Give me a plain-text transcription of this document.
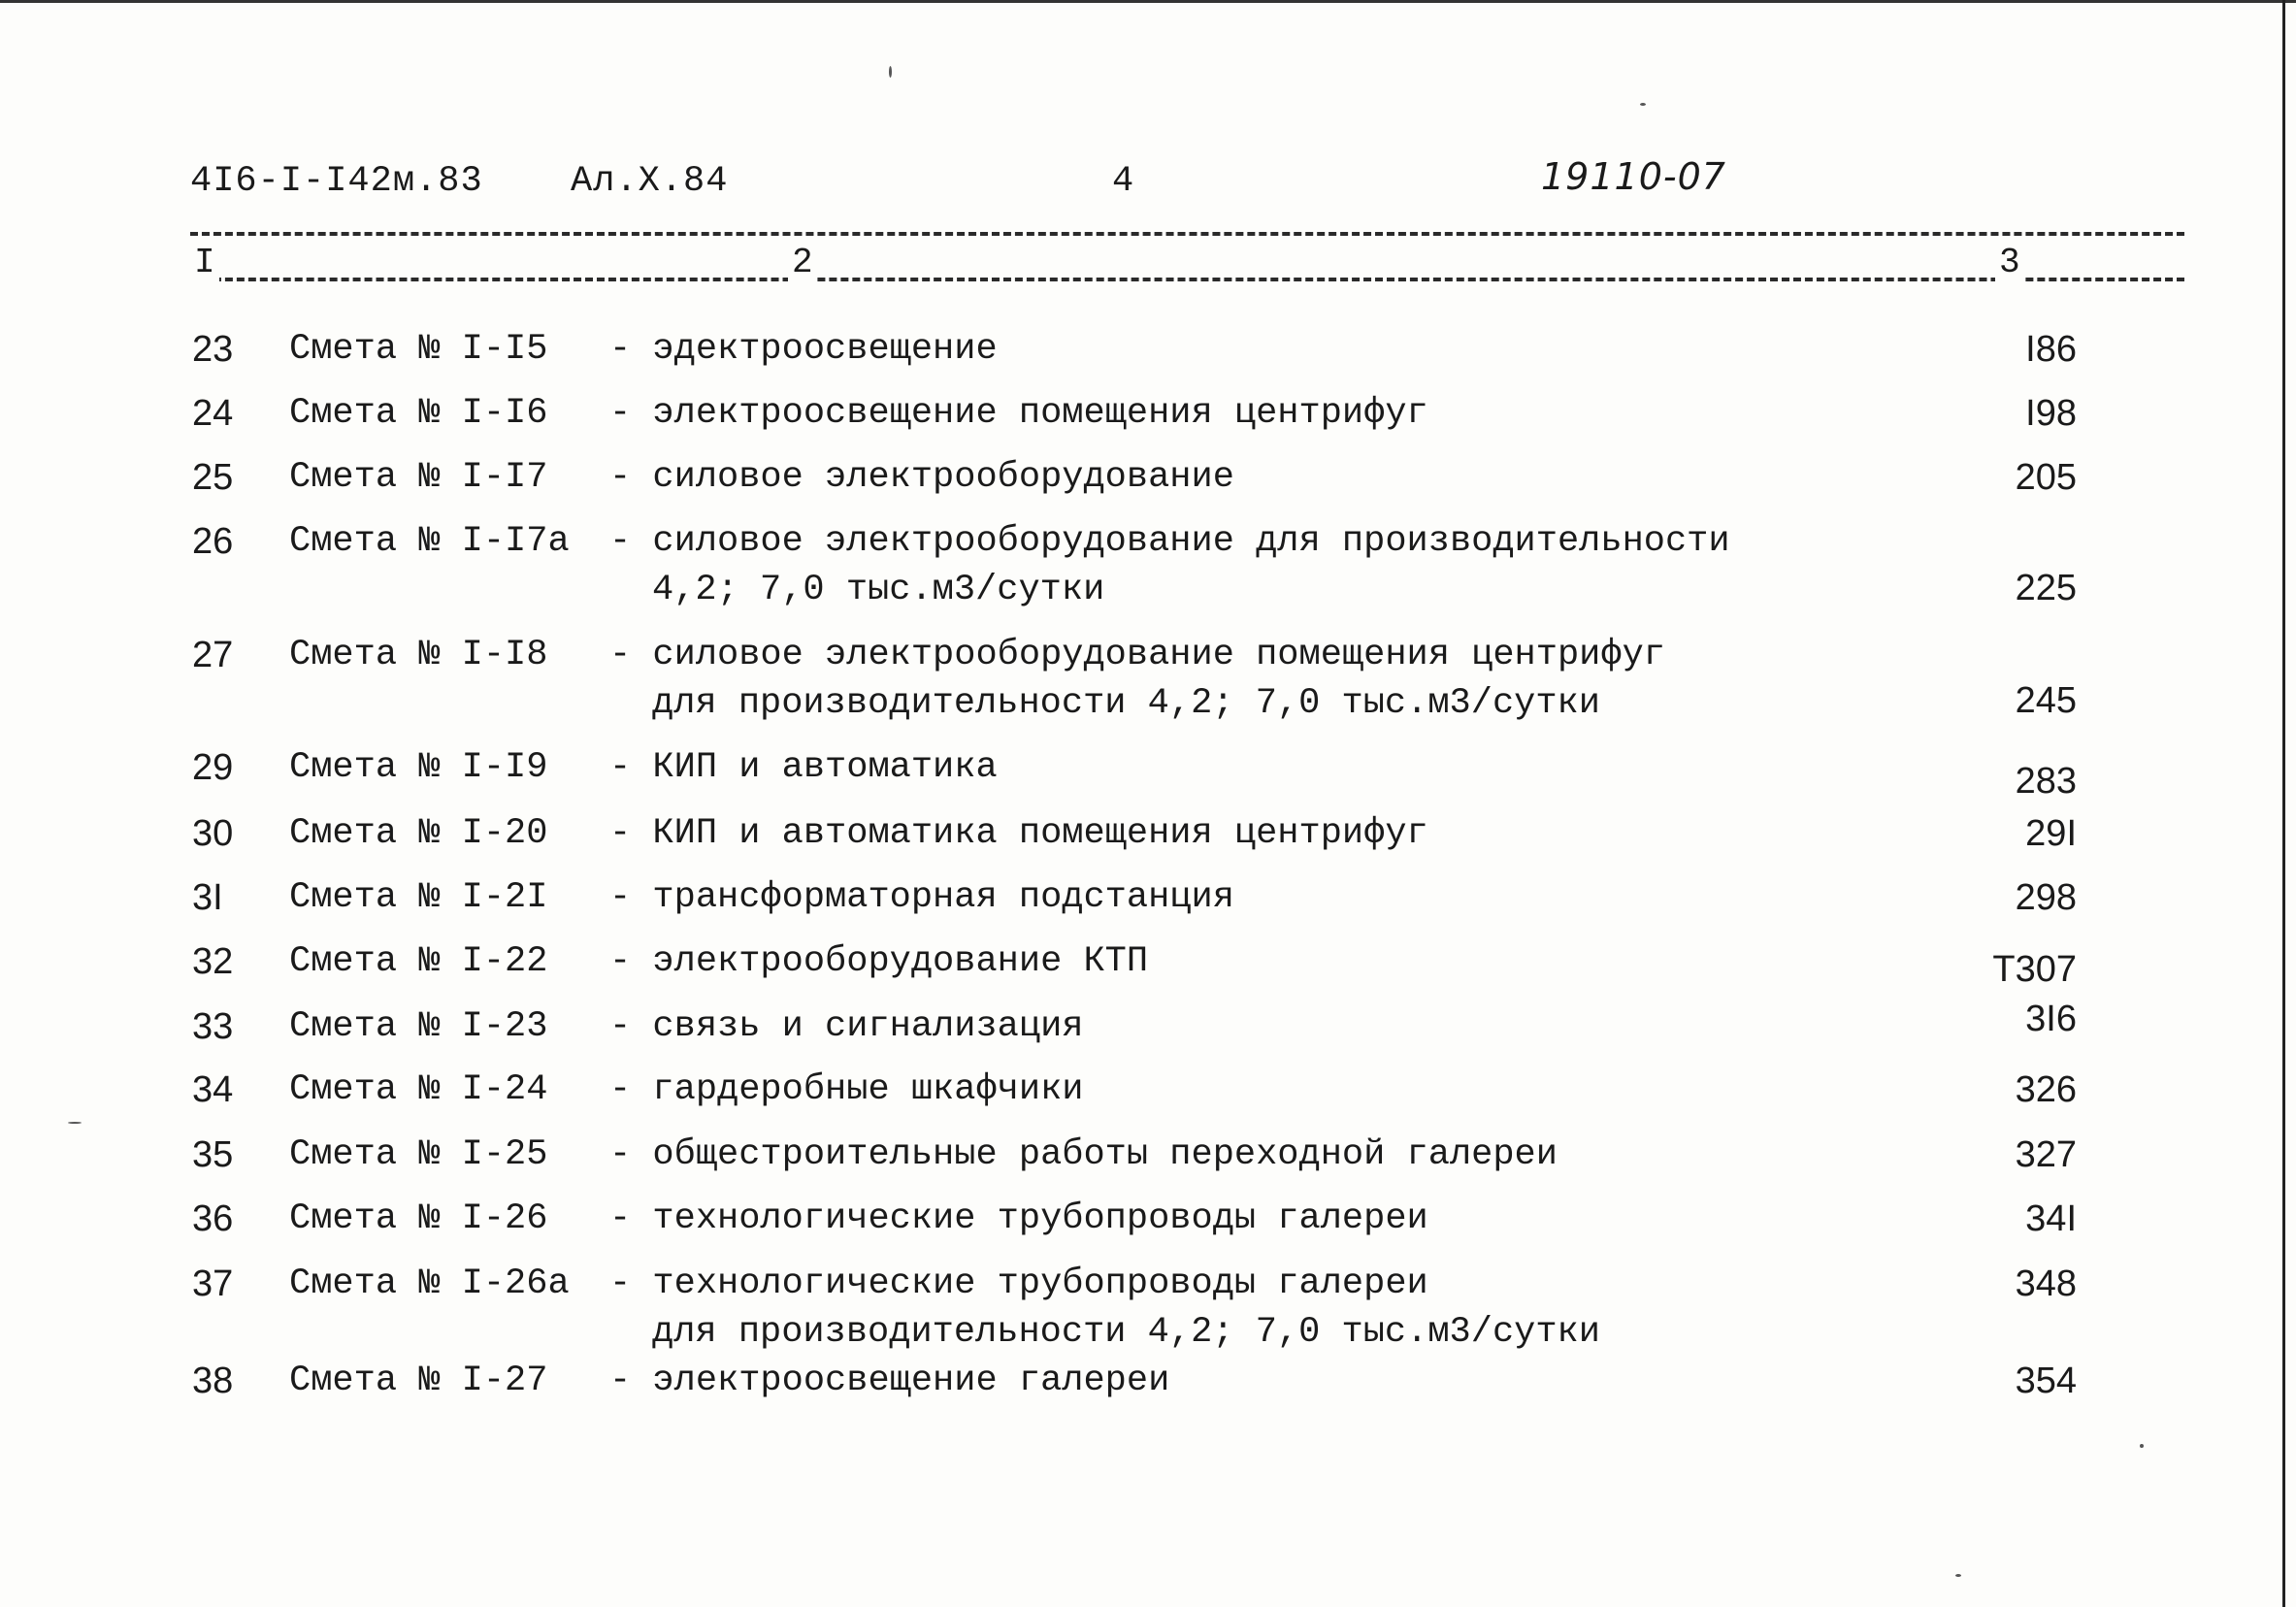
4I6-I-I42м.83 Ал.Х.84	4	19110-07
I	2	3
23 Смета № I-I5 - эдектроосвещение	I86
24 Смета № I-I6 - электроосвещение помещения центрифуг	I98
25 Смета № I-I7 - силовое электрооборудование	205
26 Смета № I-I7а - силовое электрооборудование для производительности
4,2; 7,0 тыс.м3/сутки	225
27 Смета № I-I8 - силовое электрооборудование помещения центрифуг
для производительности 4,2; 7,0 тыс.м3/сутки	245
29 Смета № I-I9 - КИП и автоматика	283
30 Смета № I-20 - КИП и автоматика помещения центрифуг	29I
3I Смета № I-2I - трансформаторная подстанция	298
32 Смета № I-22 - электрооборудование КТП	Т307
33 Смета № I-23 - связь и сигнализация	3I6
34 Смета № I-24 - гардеробные шкафчики	326
35 Смета № I-25 - общестроительные работы переходной галереи	327
36 Смета № I-26 - технологические трубопроводы галереи	34I
37 Смета № I-26а - технологические трубопроводы галереи
для производительности 4,2; 7,0 тыс.м3/сутки
348
38 Смета № I-27 - электроосвещение галереи	354
